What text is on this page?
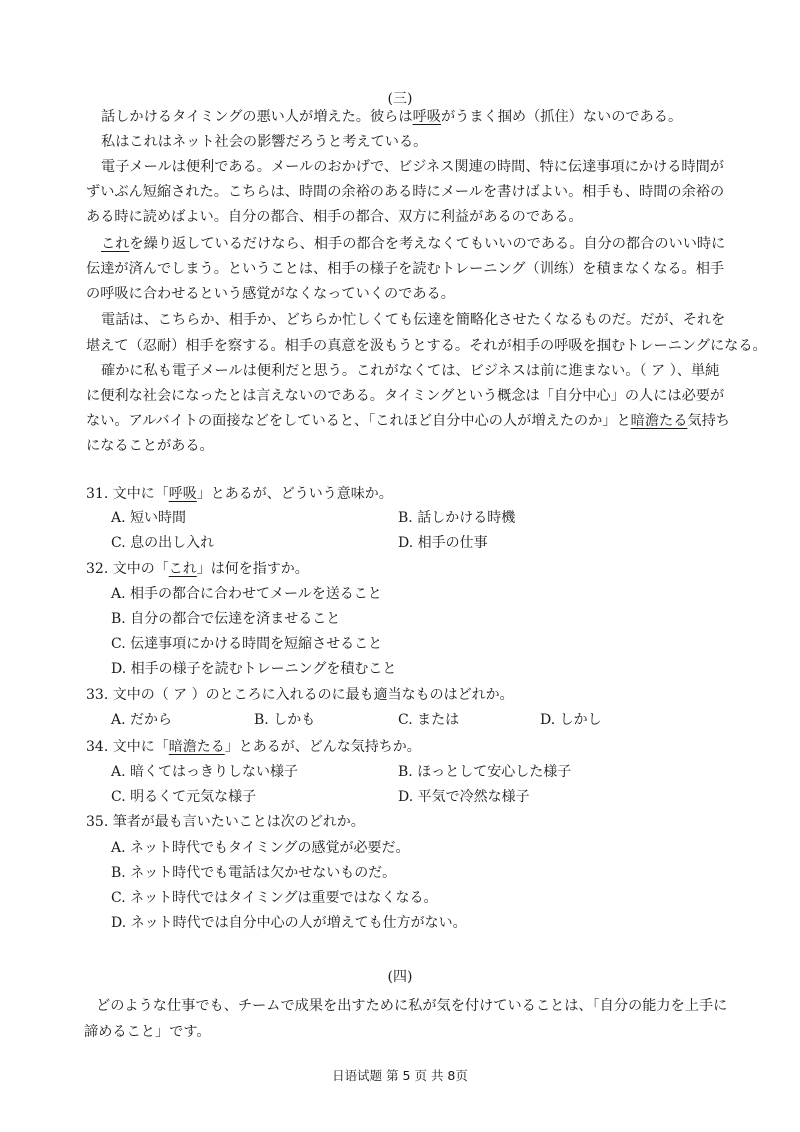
(三)
話しかけるタイミングの悪い人が増えた。彼らは呼吸がうまく掴め（抓住）ないのである。
私はこれはネット社会の影響だろうと考えている。
電子メールは便利である。メールのおかげで、ビジネス関連の時間、特に伝達事項にかける時間が
ずいぶん短縮された。こちらは、時間の余裕のある時にメールを書けばよい。相手も、時間の余裕の
ある時に読めばよい。自分の都合、相手の都合、双方に利益があるのである。
これを繰り返しているだけなら、相手の都合を考えなくてもいいのである。自分の都合のいい時に
伝達が済んでしまう。ということは、相手の様子を読むトレーニング（训练）を積まなくなる。相手
の呼吸に合わせるという感覚がなくなっていくのである。
電話は、こちらか、相手か、どちらか忙しくても伝達を簡略化させたくなるものだ。だが、それを
堪えて（忍耐）相手を察する。相手の真意を汲もうとする。それが相手の呼吸を掴むトレーニングになる。
確かに私も電子メールは便利だと思う。これがなくては、ビジネスは前に進まない。（ ア ）、単純
に便利な社会になったとは言えないのである。タイミングという概念は「自分中心」の人には必要が
ない。アルバイトの面接などをしていると、「これほど自分中心の人が増えたのか」と暗澹たる気持ち
になることがある。
31. 文中に「呼吸」とあるが、どういう意味か。
A. 短い時間	B. 話しかける時機
C. 息の出し入れ	D. 相手の仕事
32. 文中の「これ」は何を指すか。
A. 相手の都合に合わせてメールを送ること
B. 自分の都合で伝達を済ませること
C. 伝達事項にかける時間を短縮させること
D. 相手の様子を読むトレーニングを積むこと
33. 文中の（ ア ）のところに入れるのに最も適当なものはどれか。
A. だから	B. しかも	C. または	D. しかし
34. 文中に「暗澹たる」とあるが、どんな気持ちか。
A. 暗くてはっきりしない様子	B. ほっとして安心した様子
C. 明るくて元気な様子	D. 平気で冷然な様子
35. 筆者が最も言いたいことは次のどれか。
A. ネット時代でもタイミングの感覚が必要だ。
B. ネット時代でも電話は欠かせないものだ。
C. ネット時代ではタイミングは重要ではなくなる。
D. ネット時代では自分中心の人が増えても仕方がない。
(四)
どのような仕事でも、チームで成果を出すために私が気を付けていることは、「自分の能力を上手に
諦めること」です。
日语试题 第 5 页 共 8页
